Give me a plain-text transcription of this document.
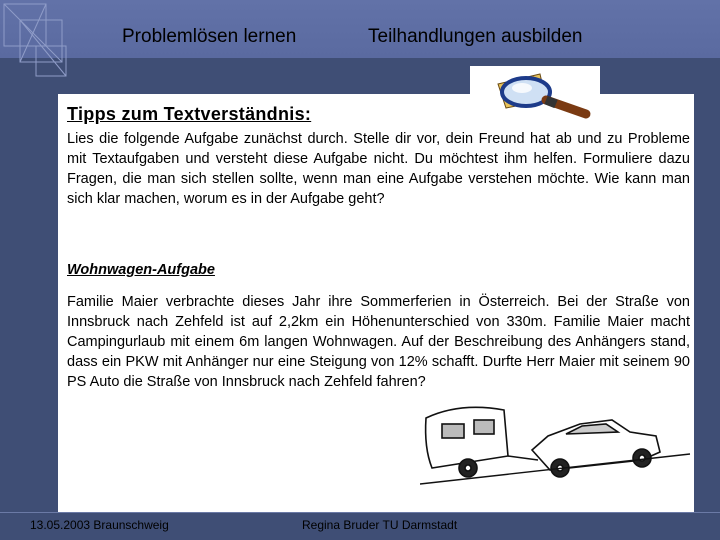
Problemlösen lernen	Teilhandlungen ausbilden
Tipps zum Textverständnis:

Lies die folgende Aufgabe zunächst durch. Stelle dir vor, dein Freund hat ab und zu Probleme mit Textaufgaben und versteht diese Aufgabe nicht. Du möchtest ihm helfen. Formuliere dazu Fragen, die man sich stellen sollte, wenn man eine Aufgabe verstehen möchte. Wie kann man sich klar machen, worum es in der Aufgabe geht?

Wohnwagen-Aufgabe

Familie Maier verbrachte dieses Jahr ihre Sommerferien in Österreich. Bei der Straße von Innsbruck nach Zehfeld ist auf 2,2km ein Höhenunterschied von 330m. Familie Maier macht Campingurlaub mit einem 6m langen Wohnwagen. Auf der Beschreibung des Anhängers stand, dass ein PKW mit Anhänger nur eine Steigung von 12% schafft. Durfte Herr Maier mit seinem 90 PS Auto die Straße von Innsbruck nach Zehfeld fahren?

13.05.2003 Braunschweig	Regina Bruder TU Darmstadt
